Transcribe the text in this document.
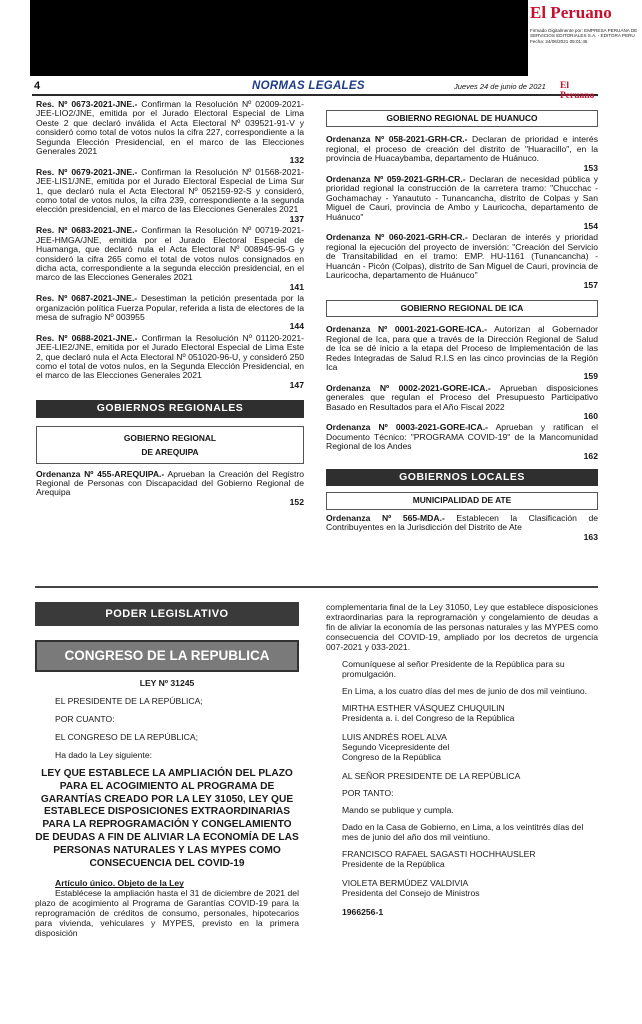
El Peruano
Firmado Digitalmente por: EMPRESA PERUANA DE SERVICIOS EDITORIALES S.A. - EDITORA PERU Fecha: 24/06/2021 05:01:45
4	NORMAS LEGALES	Jueves 24 de junio de 2021 El Peruano
Res. Nº 0673-2021-JNE.- Confirman la Resolución Nº 02009-2021-JEE-LIO2/JNE, emitida por el Jurado Electoral Especial de Lima Oeste 2 que declaró inválida el Acta Electoral Nº 039521-91-V y consideró como total de votos nulos la cifra 227, correspondiente a la Segunda Elección Presidencial, en el marco de las Elecciones Generales 2021
132
Res. Nº 0679-2021-JNE.- Confirman la Resolución Nº 01568-2021-JEE-LIS1/JNE, emitida por el Jurado Electoral Especial de Lima Sur 1, que declaró nula el Acta Electoral Nº 052159-92-S y consideró, como total de votos nulos, la cifra 239, correspondiente a la segunda elección presidencial, en el marco de las Elecciones Generales 2021
137
Res. Nº 0683-2021-JNE.- Confirman la Resolución Nº 00719-2021-JEE-HMGA/JNE, emitida por el Jurado Electoral Especial de Huamanga, que declaró nula el Acta Electoral Nº 008945-95-G y consideró la cifra 265 como el total de votos nulos consignados en dicha acta, correspondiente a la segunda elección presidencial, en el marco de las Elecciones Generales 2021
141
Res. Nº 0687-2021-JNE.- Desestiman la petición presentada por la organización política Fuerza Popular, referida a lista de electores de la mesa de sufragio Nº 003955
144
Res. Nº 0688-2021-JNE.- Confirman la Resolución Nº 01120-2021-JEE-LIE2/JNE, emitida por el Jurado Electoral Especial de Lima Este 2, que declaró nula el Acta Electoral Nº 051020-96-U, y consideró 250 como el total de votos nulos, en la Segunda Elección Presidencial, en el marco de las Elecciones Generales 2021
147
GOBIERNOS REGIONALES
GOBIERNO REGIONAL
DE AREQUIPA
Ordenanza Nº 455-AREQUIPA.- Aprueban la Creación del Registro Regional de Personas con Discapacidad del Gobierno Regional de Arequipa
152
GOBIERNO REGIONAL DE HUANUCO
Ordenanza Nº 058-2021-GRH-CR.- Declaran de prioridad e interés regional, el proceso de creación del distrito de "Huaracillo", en la provincia de Huacaybamba, departamento de Huánuco.
153
Ordenanza Nº 059-2021-GRH-CR.- Declaran de necesidad pública y prioridad regional la construcción de la carretera tramo: "Chucchac - Gochamachay - Yanaututo - Tunancancha, distrito de Colpas y San Miguel de Cauri, provincia de Ambo y Lauricocha, departamento de Huánuco"
154
Ordenanza Nº 060-2021-GRH-CR.- Declaran de interés y prioridad regional la ejecución del proyecto de inversión: "Creación del Servicio de Transitabilidad en el tramo: EMP. HU-1161 (Tunancancha) - Huancán - Picón (Colpas), distrito de San Miguel de Cauri, provincia de Lauricocha, departamento de Huánuco"
157
GOBIERNO REGIONAL DE ICA
Ordenanza Nº 0001-2021-GORE-ICA.- Autorizan al Gobernador Regional de Ica, para que a través de la Dirección Regional de Salud de Ica se dé inicio a la etapa del Proceso de Implementación de las Redes Integradas de Salud R.I.S en las cinco provincias de la Región Ica
159
Ordenanza Nº 0002-2021-GORE-ICA.- Aprueban disposiciones generales que regulan el Proceso del Presupuesto Participativo Basado en Resultados para el Año Fiscal 2022
160
Ordenanza Nº 0003-2021-GORE-ICA.- Aprueban y ratifican el Documento Técnico: "PROGRAMA COVID-19" de la Mancomunidad Regional de los Andes
162
GOBIERNOS LOCALES
MUNICIPALIDAD DE ATE
Ordenanza Nº 565-MDA.- Establecen la Clasificación de Contribuyentes en la Jurisdicción del Distrito de Ate
163
PODER LEGISLATIVO
CONGRESO DE LA REPUBLICA

LEY Nº 31245

EL PRESIDENTE DE LA REPÚBLICA;

POR CUANTO:

EL CONGRESO DE LA REPÚBLICA;

Ha dado la Ley siguiente:

LEY QUE ESTABLECE LA AMPLIACIÓN DEL PLAZO PARA EL ACOGIMIENTO AL PROGRAMA DE GARANTÍAS CREADO POR LA LEY 31050, LEY QUE ESTABLECE DISPOSICIONES EXTRAORDINARIAS PARA LA REPROGRAMACIÓN Y CONGELAMIENTO DE DEUDAS A FIN DE ALIVIAR LA ECONOMÍA DE LAS PERSONAS NATURALES Y LAS MYPES COMO CONSECUENCIA DEL COVID-19

Artículo único. Objeto de la Ley

Establécese la ampliación hasta el 31 de diciembre de 2021 del plazo de acogimiento al Programa de Garantías COVID-19 para la reprogramación de créditos de consumo, personales, hipotecarios para vivienda, vehiculares y MYPES, previsto en la primera disposición

complementaria final de la Ley 31050, Ley que establece disposiciones extraordinarias para la reprogramación y congelamiento de deudas a fin de aliviar la economía de las personas naturales y las MYPES como consecuencia del COVID-19, ampliado por los decretos de urgencia 007-2021 y 033-2021.

Comuníquese al señor Presidente de la República para su promulgación.

En Lima, a los cuatro días del mes de junio de dos mil veintiuno.

MIRTHA ESTHER VÁSQUEZ CHUQUILIN
Presidenta a. i. del Congreso de la República
LUIS ANDRÉS ROEL ALVA
Segundo Vicepresidente del
Congreso de la República

AL SEÑOR PRESIDENTE DE LA REPÚBLICA

POR TANTO:

Mando se publique y cumpla.

Dado en la Casa de Gobierno, en Lima, a los veintitrés días del mes de junio del año dos mil veintiuno.

FRANCISCO RAFAEL SAGASTI HOCHHAUSLER
Presidente de la República
VIOLETA BERMÚDEZ VALDIVIA
Presidenta del Consejo de Ministros

1966256-1
